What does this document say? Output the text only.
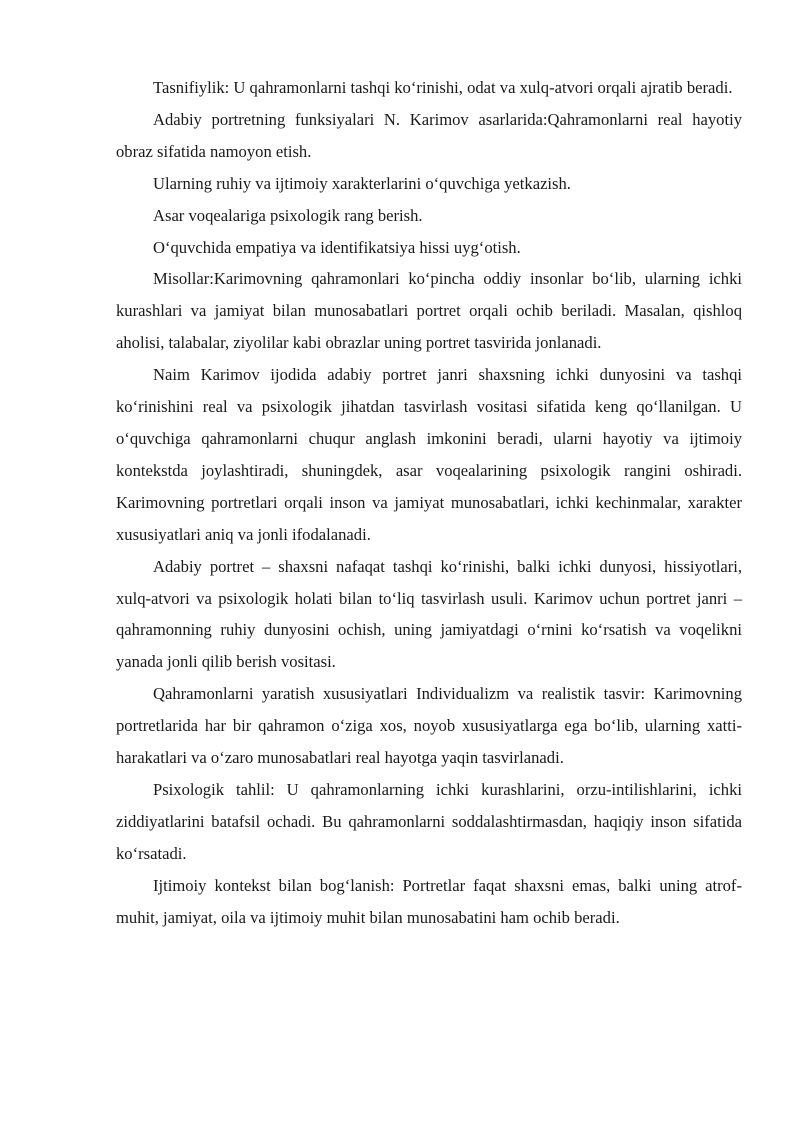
Tasnifiylik: U qahramonlarni tashqi ko‘rinishi, odat va xulq-atvori orqali ajratib beradi.

Adabiy portretning funksiyalari N. Karimov asarlarida:Qahramonlarni real hayotiy obraz sifatida namoyon etish.

Ularning ruhiy va ijtimoiy xarakterlarini o‘quvchiga yetkazish.

Asar voqealariga psixologik rang berish.

O‘quvchida empatiya va identifikatsiya hissi uyg‘otish.

Misollar:Karimovning qahramonlari ko‘pincha oddiy insonlar bo‘lib, ularning ichki kurashlari va jamiyat bilan munosabatlari portret orqali ochib beriladi. Masalan, qishloq aholisi, talabalar, ziyolilar kabi obrazlar uning portret tasvirida jonlanadi.

Naim Karimov ijodida adabiy portret janri shaxsning ichki dunyosini va tashqi ko‘rinishini real va psixologik jihatdan tasvirlash vositasi sifatida keng qo‘llanilgan. U o‘quvchiga qahramonlarni chuqur anglash imkonini beradi, ularni hayotiy va ijtimoiy kontekstda joylashtiradi, shuningdek, asar voqealarining psixologik rangini oshiradi. Karimovning portretlari orqali inson va jamiyat munosabatlari, ichki kechinmalar, xarakter xususiyatlari aniq va jonli ifodalanadi.

Adabiy portret – shaxsni nafaqat tashqi ko‘rinishi, balki ichki dunyosi, hissiyotlari, xulq-atvori va psixologik holati bilan to‘liq tasvirlash usuli. Karimov uchun portret janri – qahramonning ruhiy dunyosini ochish, uning jamiyatdagi o‘rnini ko‘rsatish va voqelikni yanada jonli qilib berish vositasi.

Qahramonlarni yaratish xususiyatlari Individualizm va realistik tasvir: Karimovning portretlarida har bir qahramon o‘ziga xos, noyob xususiyatlarga ega bo‘lib, ularning xatti-harakatlari va o‘zaro munosabatlari real hayotga yaqin tasvirlanadi.

Psixologik tahlil: U qahramonlarning ichki kurashlarini, orzu-intilishlarini, ichki ziddiyatlarini batafsil ochadi. Bu qahramonlarni soddalashtirmasdan, haqiqiy inson sifatida ko‘rsatadi.

Ijtimoiy kontekst bilan bog‘lanish: Portretlar faqat shaxsni emas, balki uning atrof-muhit, jamiyat, oila va ijtimoiy muhit bilan munosabatini ham ochib beradi.
